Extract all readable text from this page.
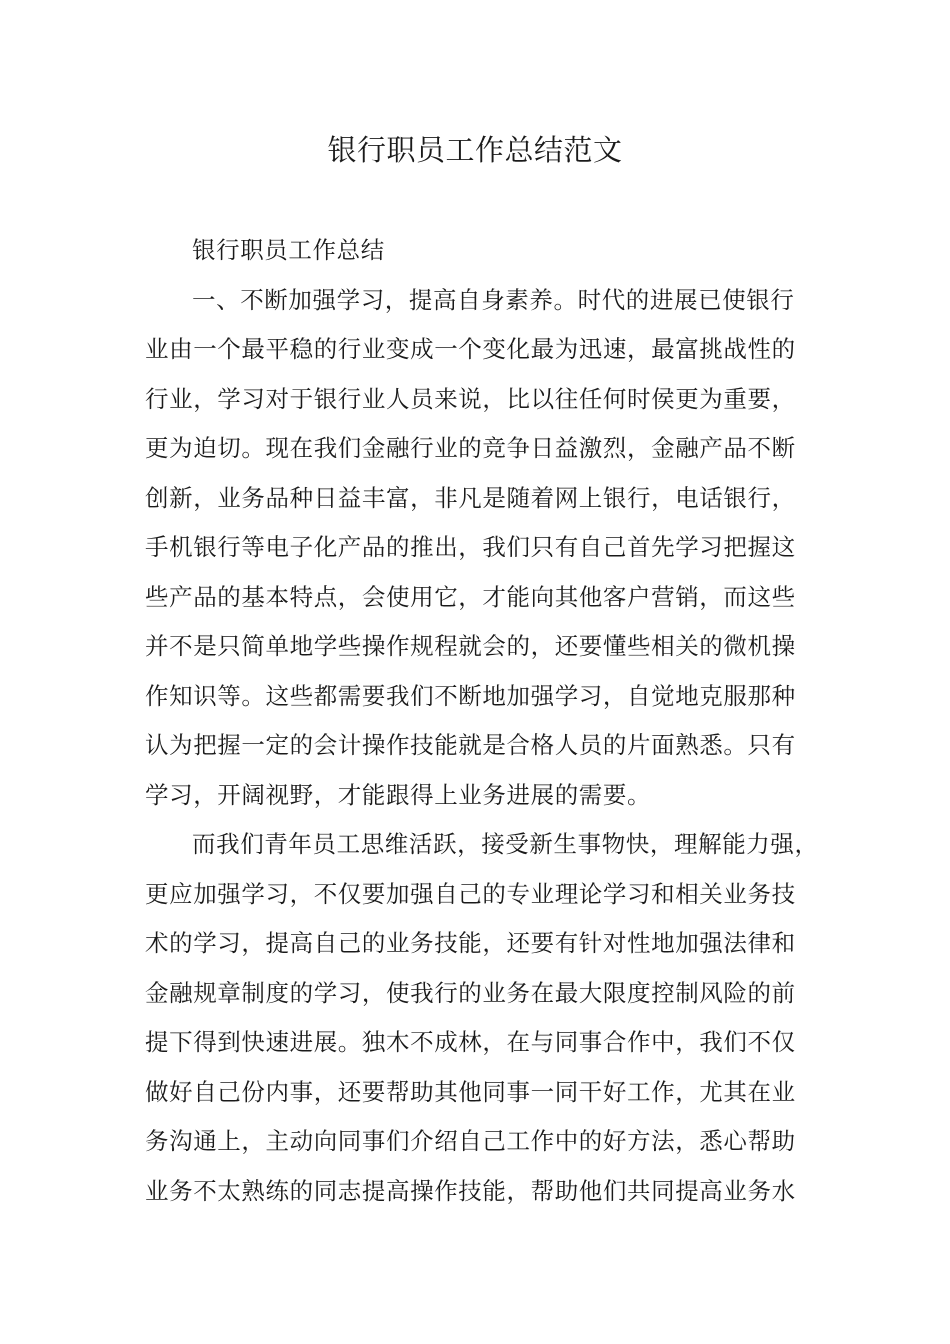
银行职员工作总结范文
银行职员工作总结
一、不断加强学习，提高自身素养。时代的进展已使银行
业由一个最平稳的行业变成一个变化最为迅速，最富挑战性的
行业，学习对于银行业人员来说，比以往任何时侯更为重要，
更为迫切。现在我们金融行业的竞争日益激烈，金融产品不断
创新，业务品种日益丰富，非凡是随着网上银行，电话银行，
手机银行等电子化产品的推出，我们只有自己首先学习把握这
些产品的基本特点，会使用它，才能向其他客户营销，而这些
并不是只简单地学些操作规程就会的，还要懂些相关的微机操
作知识等。这些都需要我们不断地加强学习，自觉地克服那种
认为把握一定的会计操作技能就是合格人员的片面熟悉。只有
学习，开阔视野，才能跟得上业务进展的需要。
而我们青年员工思维活跃，接受新生事物快，理解能力强，
更应加强学习，不仅要加强自己的专业理论学习和相关业务技
术的学习，提高自己的业务技能，还要有针对性地加强法律和
金融规章制度的学习，使我行的业务在最大限度控制风险的前
提下得到快速进展。独木不成林，在与同事合作中，我们不仅
做好自己份内事，还要帮助其他同事一同干好工作，尤其在业
务沟通上，主动向同事们介绍自己工作中的好方法，悉心帮助
业务不太熟练的同志提高操作技能，帮助他们共同提高业务水
